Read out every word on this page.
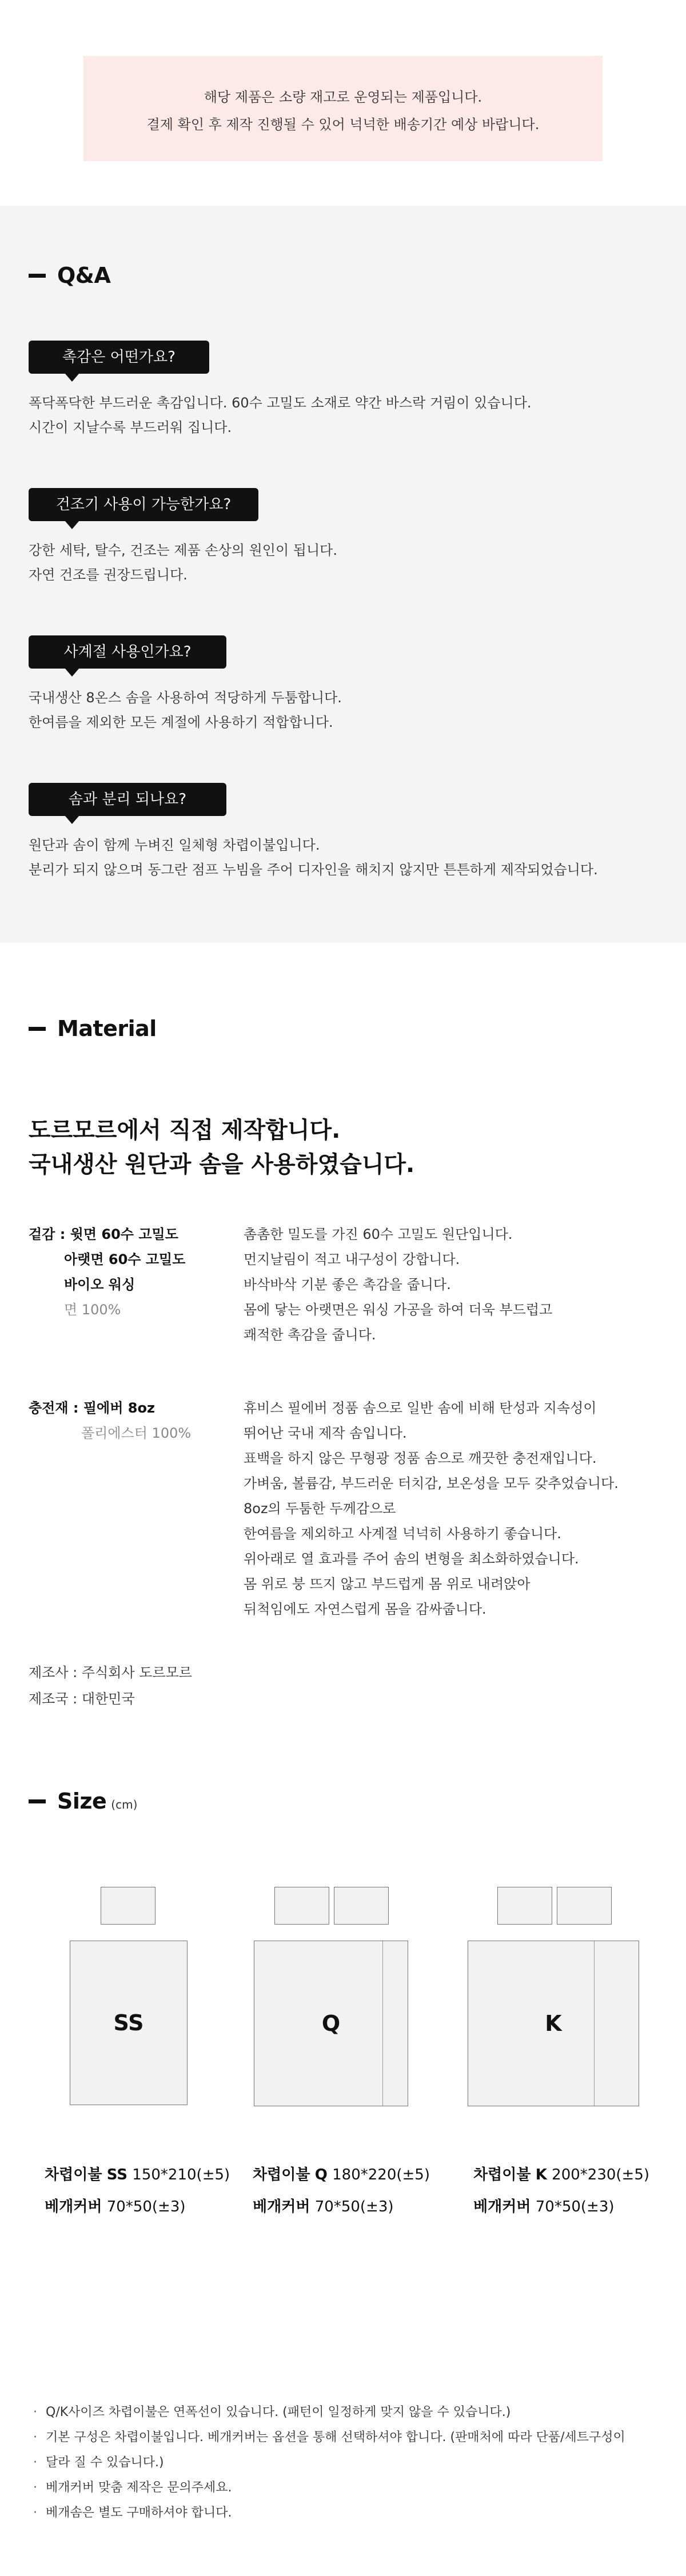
해당 제품은 소량 재고로 운영되는 제품입니다.

결제 확인 후 제작 진행될 수 있어 넉넉한 배송기간 예상 바랍니다.

Q&A
촉감은 어떤가요?
폭닥폭닥한 부드러운 촉감입니다. 60수 고밀도 소재로 약간 바스락 거림이 있습니다.
시간이 지날수록 부드러워 집니다.
건조기 사용이 가능한가요?
강한 세탁, 탈수, 건조는 제품 손상의 원인이 됩니다.
자연 건조를 권장드립니다.
사계절 사용인가요?
국내생산 8온스 솜을 사용하여 적당하게 두툼합니다.
한여름을 제외한 모든 계절에 사용하기 적합합니다.
솜과 분리 되나요?
원단과 솜이 함께 누벼진 일체형 차렵이불입니다.
분리가 되지 않으며 동그란 점프 누빔을 주어 디자인을 해치지 않지만 튼튼하게 제작되었습니다.
Material
도르모르에서 직접 제작합니다.
국내생산 원단과 솜을 사용하였습니다.
겉감 : 윗면 60수 고밀도
아랫면 60수 고밀도
바이오 워싱
면 100%
촘촘한 밀도를 가진 60수 고밀도 원단입니다.
먼지날림이 적고 내구성이 강합니다.
바삭바삭 기분 좋은 촉감을 줍니다.
몸에 닿는 아랫면은 워싱 가공을 하여 더욱 부드럽고
쾌적한 촉감을 줍니다.
충전재 : 필에버 8oz
폴리에스터 100%
휴비스 필에버 정품 솜으로 일반 솜에 비해 탄성과 지속성이
뛰어난 국내 제작 솜입니다.
표백을 하지 않은 무형광 정품 솜으로 깨끗한 충전재입니다.
가벼움, 볼륨감, 부드러운 터치감, 보온성을 모두 갖추었습니다.
8oz의 두툼한 두께감으로
한여름을 제외하고 사계절 넉넉히 사용하기 좋습니다.
위아래로 열 효과를 주어 솜의 변형을 최소화하였습니다.
몸 위로 붕 뜨지 않고 부드럽게 몸 위로 내려앉아
뒤척임에도 자연스럽게 몸을 감싸줍니다.
제조사 : 주식회사 도르모르
제조국 : 대한민국
Size (cm)
SS	Q	K
차렵이불 SS 150*210(±5)
베개커버 70*50(±3)
차렵이불 Q 180*220(±5)
베개커버 70*50(±3)
차렵이불 K 200*230(±5)
베개커버 70*50(±3)
· Q/K사이즈 차렵이불은 연폭선이 있습니다. (패턴이 일정하게 맞지 않을 수 있습니다.)
· 기본 구성은 차렵이불입니다. 베개커버는 옵션을 통해 선택하셔야 합니다. (판매처에 따라 단품/세트구성이
· 달라 질 수 있습니다.)
· 베개커버 맞춤 제작은 문의주세요.
· 베개솜은 별도 구매하셔야 합니다.
